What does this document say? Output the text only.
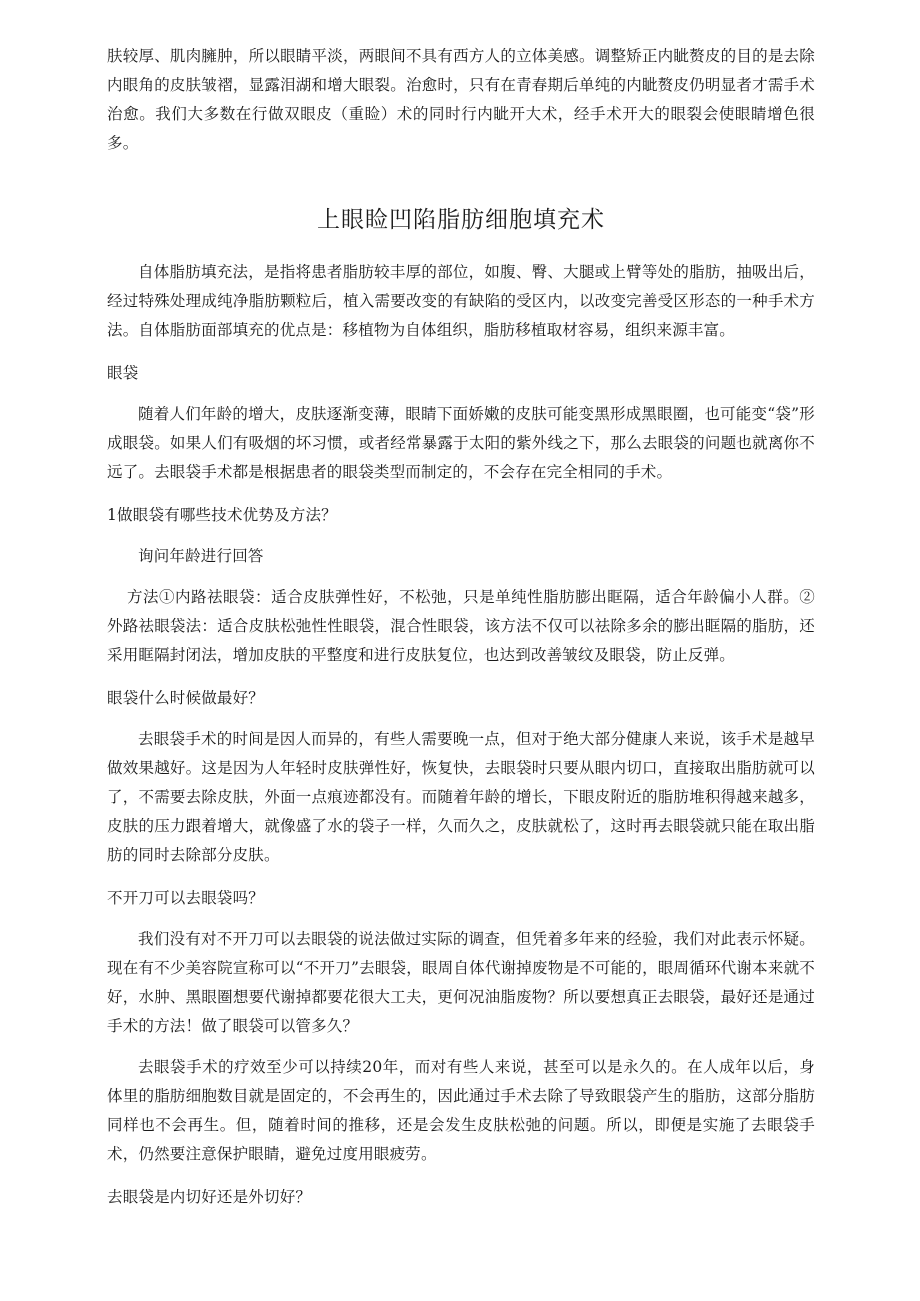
肤较厚、肌肉臃肿，所以眼睛平淡，两眼间不具有西方人的立体美感。调整矫正内眦赘皮的目的是去除内眼角的皮肤皱褶，显露泪湖和增大眼裂。治愈时，只有在青春期后单纯的内眦赘皮仍明显者才需手术治愈。我们大多数在行做双眼皮（重睑）术的同时行内眦开大术，经手术开大的眼裂会使眼睛增色很多。

上眼睑凹陷脂肪细胞填充术

自体脂肪填充法，是指将患者脂肪较丰厚的部位，如腹、臀、大腿或上臂等处的脂肪，抽吸出后，经过特殊处理成纯净脂肪颗粒后，植入需要改变的有缺陷的受区内，以改变完善受区形态的一种手术方法。自体脂肪面部填充的优点是：移植物为自体组织，脂肪移植取材容易，组织来源丰富。

眼袋

随着人们年龄的增大，皮肤逐渐变薄，眼睛下面娇嫩的皮肤可能变黑形成黑眼圈，也可能变“袋”形成眼袋。如果人们有吸烟的坏习惯，或者经常暴露于太阳的紫外线之下，那么去眼袋的问题也就离你不远了。去眼袋手术都是根据患者的眼袋类型而制定的，不会存在完全相同的手术。

1做眼袋有哪些技术优势及方法？

询问年龄进行回答

方法①内路祛眼袋：适合皮肤弹性好，不松弛，只是单纯性脂肪膨出眶隔，适合年龄偏小人群。②外路祛眼袋法：适合皮肤松弛性性眼袋，混合性眼袋，该方法不仅可以祛除多余的膨出眶隔的脂肪，还采用眶隔封闭法，增加皮肤的平整度和进行皮肤复位，也达到改善皱纹及眼袋，防止反弹。

眼袋什么时候做最好？

去眼袋手术的时间是因人而异的，有些人需要晚一点，但对于绝大部分健康人来说，该手术是越早做效果越好。这是因为人年轻时皮肤弹性好，恢复快，去眼袋时只要从眼内切口，直接取出脂肪就可以了，不需要去除皮肤，外面一点痕迹都没有。而随着年龄的增长，下眼皮附近的脂肪堆积得越来越多，皮肤的压力跟着增大，就像盛了水的袋子一样，久而久之，皮肤就松了，这时再去眼袋就只能在取出脂肪的同时去除部分皮肤。

不开刀可以去眼袋吗？

我们没有对不开刀可以去眼袋的说法做过实际的调查，但凭着多年来的经验，我们对此表示怀疑。现在有不少美容院宣称可以“不开刀”去眼袋，眼周自体代谢掉废物是不可能的，眼周循环代谢本来就不好，水肿、黑眼圈想要代谢掉都要花很大工夫，更何况油脂废物？所以要想真正去眼袋，最好还是通过手术的方法！做了眼袋可以管多久？

去眼袋手术的疗效至少可以持续20年，而对有些人来说，甚至可以是永久的。在人成年以后，身体里的脂肪细胞数目就是固定的，不会再生的，因此通过手术去除了导致眼袋产生的脂肪，这部分脂肪同样也不会再生。但，随着时间的推移，还是会发生皮肤松弛的问题。所以，即便是实施了去眼袋手术，仍然要注意保护眼睛，避免过度用眼疲劳。

去眼袋是内切好还是外切好？
